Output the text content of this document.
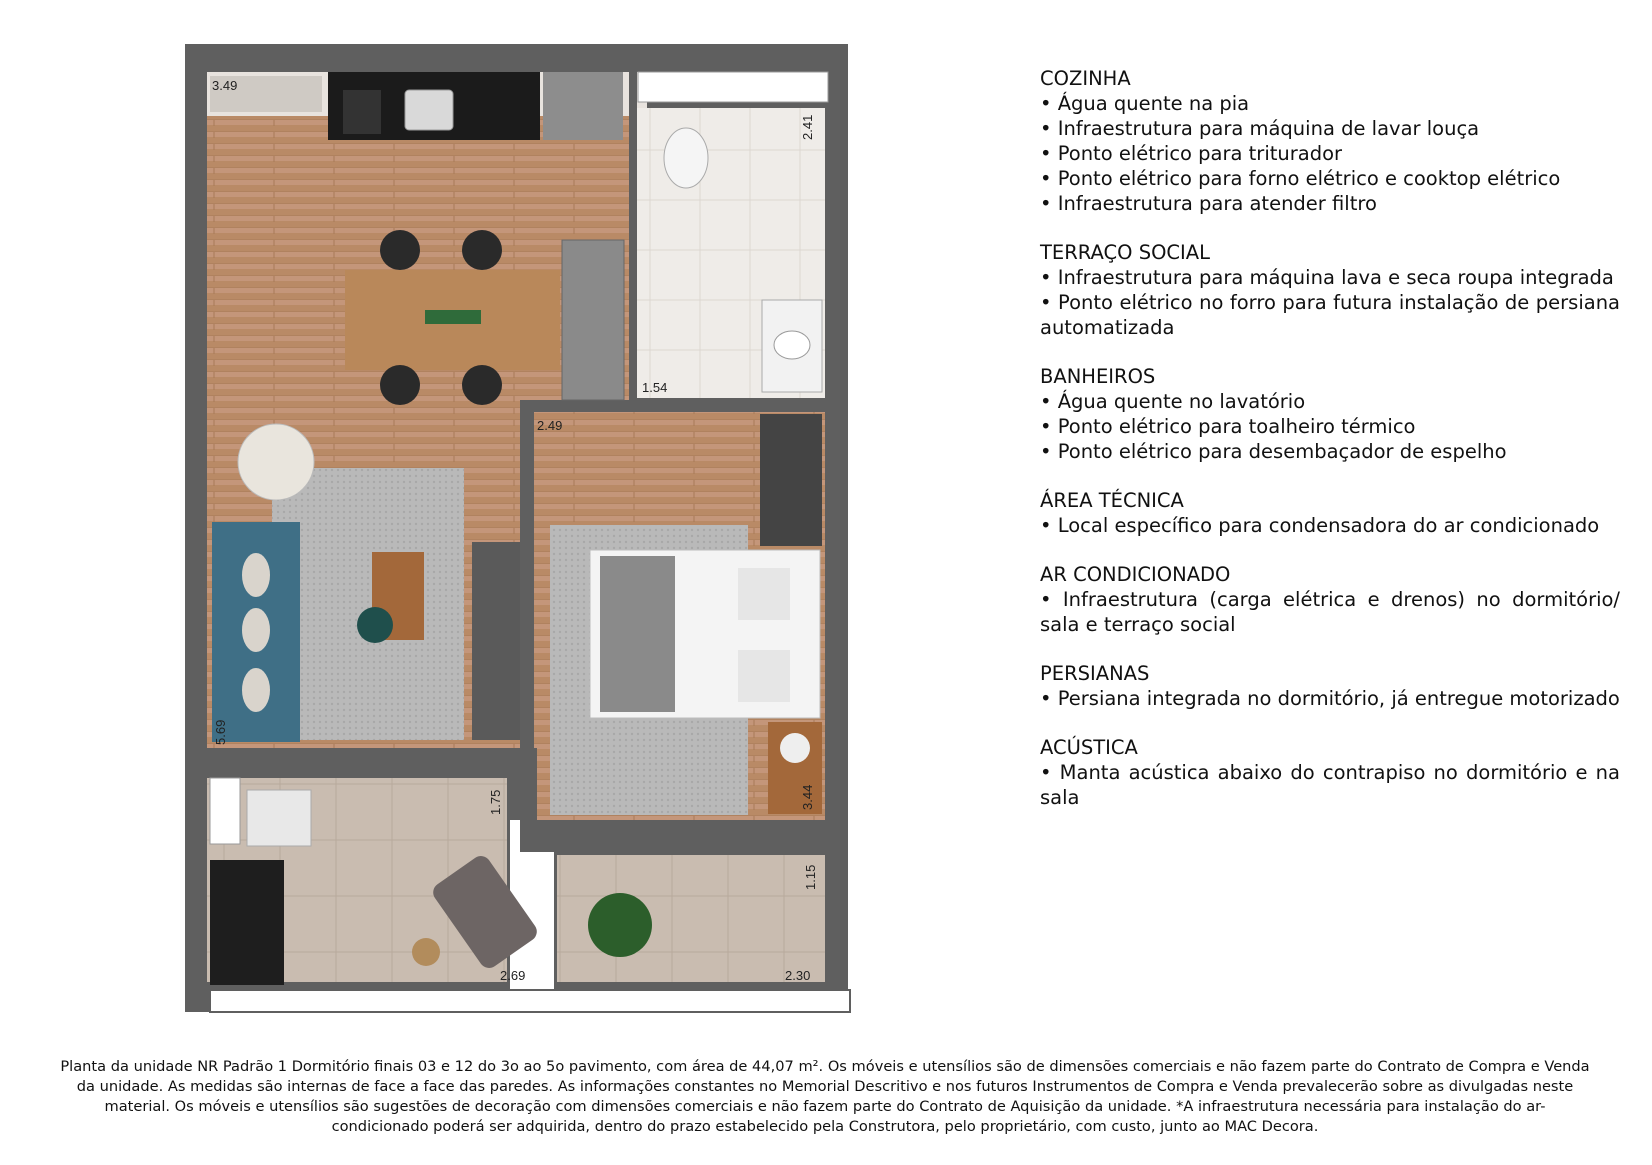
3.49
2.41
1.54
2.49
5.69
1.75	3.44
1.15
2.69	2.30
COZINHA
• Água quente na pia
• Infraestrutura para máquina de lavar louça
• Ponto elétrico para triturador
• Ponto elétrico para forno elétrico e cooktop elétrico
• Infraestrutura para atender filtro
TERRAÇO SOCIAL
• Infraestrutura para máquina lava e seca roupa integrada
• Ponto elétrico no forro para futura instalação de persiana automatizada
BANHEIROS
• Água quente no lavatório
• Ponto elétrico para toalheiro térmico
• Ponto elétrico para desembaçador de espelho
ÁREA TÉCNICA
• Local específico para condensadora do ar condicionado
AR CONDICIONADO
• Infraestrutura (carga elétrica e drenos) no dormitório/ sala e terraço social
PERSIANAS
• Persiana integrada no dormitório, já entregue motorizado
ACÚSTICA
• Manta acústica abaixo do contrapiso no dormitório e na sala
Planta da unidade NR Padrão 1 Dormitório finais 03 e 12 do 3o ao 5o pavimento, com área de 44,07 m². Os móveis e utensílios são de dimensões comerciais e não fazem parte do Contrato de Compra e Venda da unidade. As medidas são internas de face a face das paredes. As informações constantes no Memorial Descritivo e nos futuros Instrumentos de Compra e Venda prevalecerão sobre as divulgadas neste material. Os móveis e utensílios são sugestões de decoração com dimensões comerciais e não fazem parte do Contrato de Aquisição da unidade. *A infraestrutura necessária para instalação do ar-condicionado poderá ser adquirida, dentro do prazo estabelecido pela Construtora, pelo proprietário, com custo, junto ao MAC Decora.
